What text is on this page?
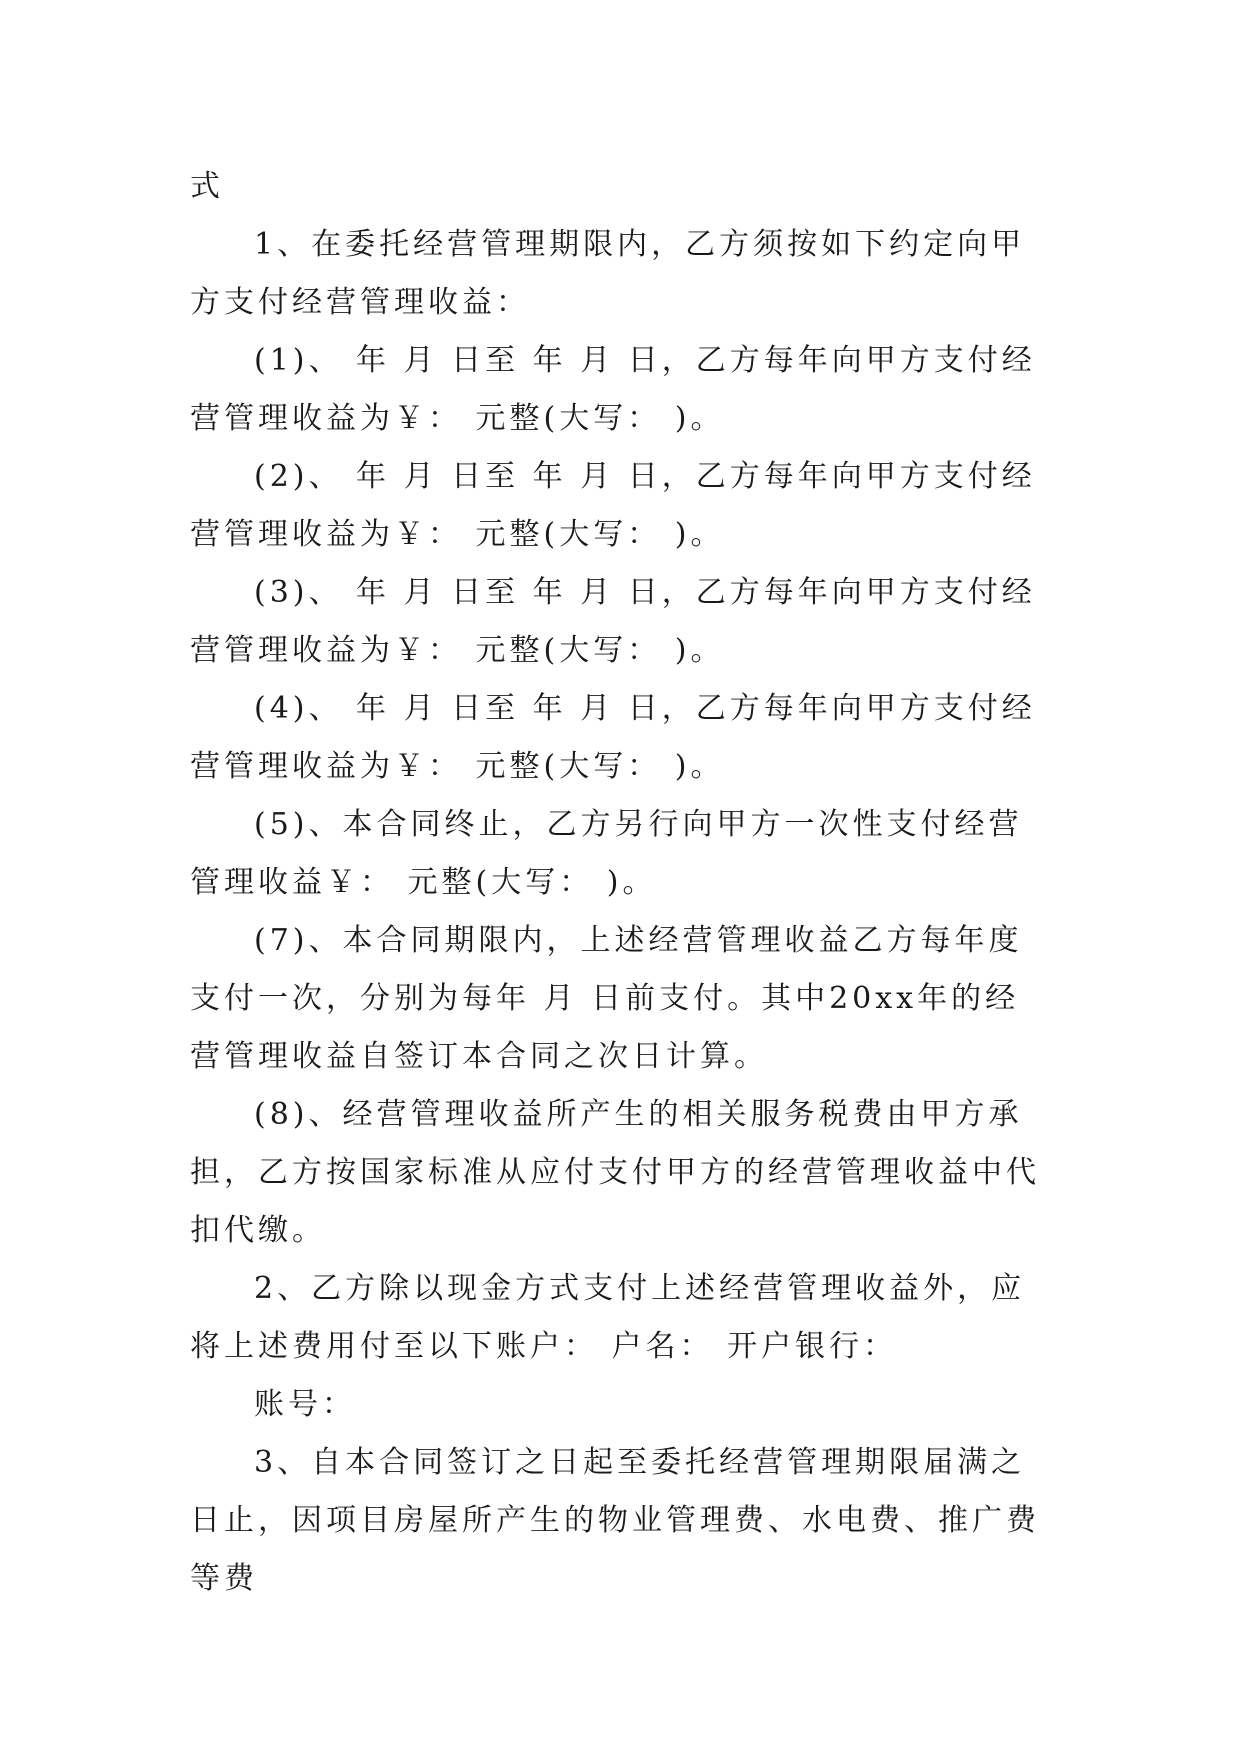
式

1、在委托经营管理期限内，乙方须按如下约定向甲方支付经营管理收益：

(1)、 年 月 日至 年 月 日，乙方每年向甲方支付经营管理收益为￥： 元整(大写： )。

(2)、 年 月 日至 年 月 日，乙方每年向甲方支付经营管理收益为￥： 元整(大写： )。

(3)、 年 月 日至 年 月 日，乙方每年向甲方支付经营管理收益为￥： 元整(大写： )。

(4)、 年 月 日至 年 月 日，乙方每年向甲方支付经营管理收益为￥： 元整(大写： )。

(5)、本合同终止，乙方另行向甲方一次性支付经营管理收益￥： 元整(大写： )。

(7)、本合同期限内，上述经营管理收益乙方每年度支付一次，分别为每年 月 日前支付。其中20xx年的经营管理收益自签订本合同之次日计算。

(8)、经营管理收益所产生的相关服务税费由甲方承担，乙方按国家标准从应付支付甲方的经营管理收益中代扣代缴。

2、乙方除以现金方式支付上述经营管理收益外，应将上述费用付至以下账户： 户名： 开户银行：

账号：

3、自本合同签订之日起至委托经营管理期限届满之日止，因项目房屋所产生的物业管理费、水电费、推广费等费
